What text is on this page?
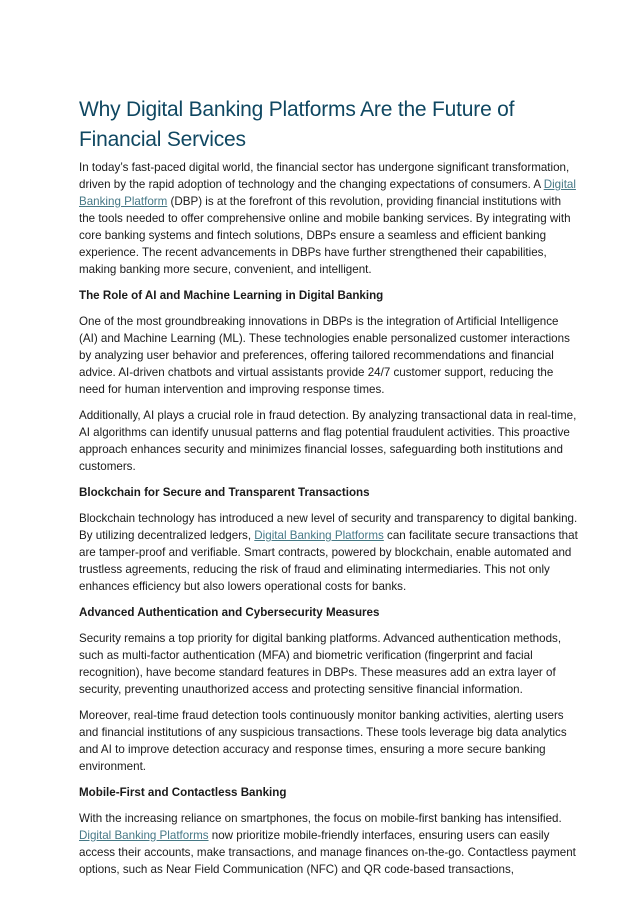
Why Digital Banking Platforms Are the Future of Financial Services

In today’s fast-paced digital world, the financial sector has undergone significant transformation, driven by the rapid adoption of technology and the changing expectations of consumers. A Digital Banking Platform (DBP) is at the forefront of this revolution, providing financial institutions with the tools needed to offer comprehensive online and mobile banking services. By integrating with core banking systems and fintech solutions, DBPs ensure a seamless and efficient banking experience. The recent advancements in DBPs have further strengthened their capabilities, making banking more secure, convenient, and intelligent.

The Role of AI and Machine Learning in Digital Banking

One of the most groundbreaking innovations in DBPs is the integration of Artificial Intelligence (AI) and Machine Learning (ML). These technologies enable personalized customer interactions by analyzing user behavior and preferences, offering tailored recommendations and financial advice. AI-driven chatbots and virtual assistants provide 24/7 customer support, reducing the need for human intervention and improving response times.

Additionally, AI plays a crucial role in fraud detection. By analyzing transactional data in real-time, AI algorithms can identify unusual patterns and flag potential fraudulent activities. This proactive approach enhances security and minimizes financial losses, safeguarding both institutions and customers.

Blockchain for Secure and Transparent Transactions

Blockchain technology has introduced a new level of security and transparency to digital banking. By utilizing decentralized ledgers, Digital Banking Platforms can facilitate secure transactions that are tamper-proof and verifiable. Smart contracts, powered by blockchain, enable automated and trustless agreements, reducing the risk of fraud and eliminating intermediaries. This not only enhances efficiency but also lowers operational costs for banks.

Advanced Authentication and Cybersecurity Measures

Security remains a top priority for digital banking platforms. Advanced authentication methods, such as multi-factor authentication (MFA) and biometric verification (fingerprint and facial recognition), have become standard features in DBPs. These measures add an extra layer of security, preventing unauthorized access and protecting sensitive financial information.

Moreover, real-time fraud detection tools continuously monitor banking activities, alerting users and financial institutions of any suspicious transactions. These tools leverage big data analytics and AI to improve detection accuracy and response times, ensuring a more secure banking environment.

Mobile-First and Contactless Banking

With the increasing reliance on smartphones, the focus on mobile-first banking has intensified. Digital Banking Platforms now prioritize mobile-friendly interfaces, ensuring users can easily access their accounts, make transactions, and manage finances on-the-go. Contactless payment options, such as Near Field Communication (NFC) and QR code-based transactions,
